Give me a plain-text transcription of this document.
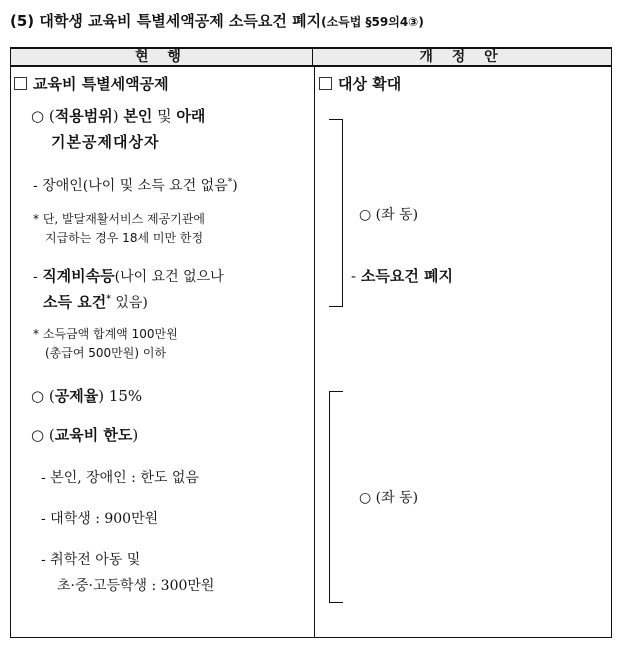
(5) 대학생 교육비 특별세액공제 소득요건 폐지(소득법 §59의4③)
현 행	개 정 안
교육비 특별세액공제
○ (적용범위) 본인 및 아래
기본공제대상자
- 장애인(나이 및 소득 요건 없음*)
* 단, 발달재활서비스 제공기관에
지급하는 경우 18세 미만 한정
- 직계비속등(나이 요건 없으나
소득 요건* 있음)
* 소득금액 합계액 100만원
(총급여 500만원) 이하
○ (공제율) 15%
○ (교육비 한도)
- 본인, 장애인 : 한도 없음
- 대학생 : 900만원
- 취학전 아동 및
초·중·고등학생 : 300만원
대상 확대
○ (좌 동)
- 소득요건 폐지
○ (좌 동)
